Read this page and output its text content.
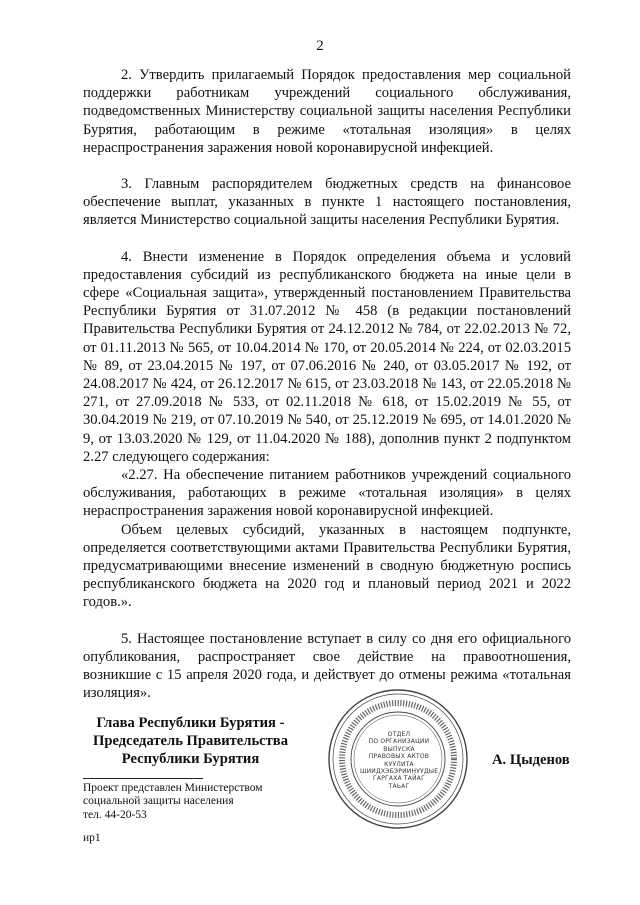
2

2. Утвердить прилагаемый Порядок предоставления мер социальной поддержки работникам учреждений социального обслуживания, подведомственных Министерству социальной защиты населения Республики Бурятия, работающим в режиме «тотальная изоляция» в целях нераспространения заражения новой коронавирусной инфекцией.

3. Главным распорядителем бюджетных средств на финансовое обеспечение выплат, указанных в пункте 1 настоящего постановления, является Министерство социальной защиты населения Республики Бурятия.

4. Внести изменение в Порядок определения объема и условий предоставления субсидий из республиканского бюджета на иные цели в сфере «Социальная защита», утвержденный постановлением Правительства Республики Бурятия от 31.07.2012 № 458 (в редакции постановлений Правительства Республики Бурятия от 24.12.2012 № 784, от 22.02.2013 № 72, от 01.11.2013 № 565, от 10.04.2014 № 170, от 20.05.2014 № 224, от 02.03.2015 № 89, от 23.04.2015 № 197, от 07.06.2016 № 240, от 03.05.2017 № 192, от 24.08.2017 № 424, от 26.12.2017 № 615, от 23.03.2018 № 143, от 22.05.2018 № 271, от 27.09.2018 № 533, от 02.11.2018 № 618, от 15.02.2019 № 55, от 30.04.2019 № 219, от 07.10.2019 № 540, от 25.12.2019 № 695, от 14.01.2020 № 9, от 13.03.2020 № 129, от 11.04.2020 № 188), дополнив пункт 2 подпунктом 2.27 следующего содержания:

«2.27. На обеспечение питанием работников учреждений социального обслуживания, работающих в режиме «тотальная изоляция» в целях нераспространения заражения новой коронавирусной инфекцией.

Объем целевых субсидий, указанных в настоящем подпункте, определяется соответствующими актами Правительства Республики Бурятия, предусматривающими внесение изменений в сводную бюджетную роспись республиканского бюджета на 2020 год и плановый период 2021 и 2022 годов.».

5. Настоящее постановление вступает в силу со дня его официального опубликования, распространяет свое действие на правоотношения, возникшие с 15 апреля 2020 года, и действует до отмены режима «тотальная изоляция».

Глава Республики Бурятия -
Председатель Правительства
Республики Бурятия
ОТДЕЛ
ПО ОРГАНИЗАЦИИ
ВЫПУСКА
ПРАВОВЫХ АКТОВ
КУУЛИТА
ШИИДХЭБЭРИИНУУДЫЕ
ГАРГАХА ТАЙАГ
ТАЬАГ
А. Цыденов
Проект представлен Министерством
социальной защиты населения
тел. 44-20-53
ир1
